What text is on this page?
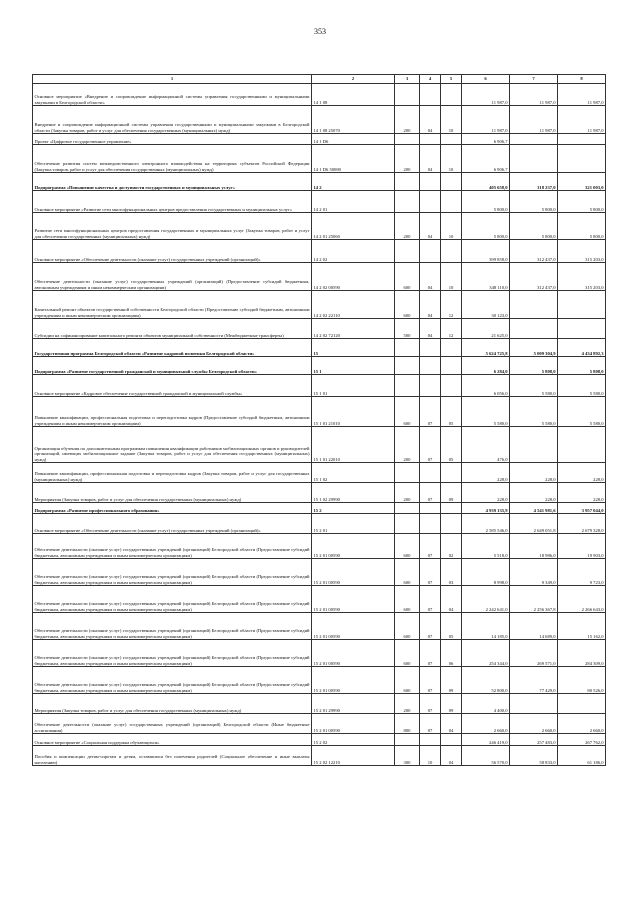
353
1	2	3	4	5	6	7	8
Основное мероприятие «Внедрение и сопровождение информационной системы управления государственными и муниципальными закупками в Белгородской области»	14 1 08				11 987,0	11 987,0	11 987,0
Внедрение и сопровождение информационной системы управления государственными и муниципальными закупками в Белгородской области (Закупка товаров, работ и услуг для обеспечения государственных (муниципальных) нужд)	14 1 08 25070	200	04	10	11 987,0	11 987,0	11 987,0
Проект «Цифровое государственное управление»	14 1 D6				6 906,7		
Обеспечение развития систем межведомственного электронного взаимодействия на территориях субъектов Российской Федерации (Закупка товаров, работ и услуг для обеспечения государственных (муниципальных) нужд)	14 1 D6 50080	200	04	10	6 906,7		
Подпрограмма «Повышение качества и доступности государственных и муниципальных услуг»	14 2				405 658,0	318 237,0	321 003,0
Основное мероприятие «Развитие сети многофункциональных центров предоставления государственных и муниципальных услуг»	14 2 01				5 800,0	5 800,0	5 800,0
Развитие сети многофункциональных центров предоставления государственных и муниципальных услуг (Закупка товаров, работ и услуг для обеспечения государственных (муниципальных) нужд)	14 2 01 25060	200	04	10	5 800,0	5 800,0	5 800,0
Основное мероприятие «Обеспечение деятельности (оказание услуг) государственных учреждений (организаций)»	14 2 02				399 858,0	312 437,0	315 203,0
Обеспечение деятельности (оказание услуг) государственных учреждений (организаций) (Предоставление субсидий бюджетным, автономным учреждениям и иным некоммерческим организациям)	14 2 02 00590	600	04	10	348 110,0	312 437,0	315 203,0
Капитальный ремонт объектов государственной собственности Белгородской области (Предоставление субсидий бюджетным, автономным учреждениям и иным некоммерческим организациям)	14 2 02 22110	600	04	12	30 123,0		
Субсидии на софинансирование капитального ремонта объектов муниципальной собственности (Межбюджетные трансферты)	14 2 02 72120	500	04	12	21 625,0		
Государственная программа Белгородской области «Развитие кадровой политики Белгородской области»	15				5 624 725,8	5 009 304,9	4 434 892,3
Подпрограмма «Развитие государственной гражданской и муниципальной службы Белгородской области»	15 1				6 284,0	5 808,0	5 808,0
Основное мероприятие «Кадровое обеспечение государственной гражданской и муниципальной службы»	15 1 01				6 056,0	5 580,0	5 580,0
Повышение квалификации, профессиональная подготовка и переподготовка кадров (Предоставление субсидий бюджетным, автономным учреждениям и иным некоммерческим организациям)	15 1 01 21010	600	07	05	5 580,0	5 580,0	5 580,0
Организация обучения по дополнительным программам повышения квалификации работников мобилизационных органов и руководителей организаций, имеющих мобилизационное задание (Закупка товаров, работ и услуг для обеспечения государственных (муниципальных) нужд)	15 1 01 22010	200	07	05	476,0		
Повышение квалификации, профессиональная подготовка и переподготовка кадров (Закупка товаров, работ и услуг для государственных (муниципальных) нужд)	15 1 02				228,0	228,0	228,0
Мероприятия (Закупка товаров, работ и услуг для обеспечения государственных (муниципальных) нужд)	15 1 02 29990	200	07	09	228,0	228,0	228,0
Подпрограмма «Развитие профессионального образования»	15 2				4 939 135,9	4 541 981,6	3 957 044,0
Основное мероприятие «Обеспечение деятельности (оказание услуг) государственных учреждений (организаций)»	15 2 01				2 585 546,0	2 649 051,8	2 679 328,0
Обеспечение деятельности (оказание услуг) государственных учреждений (организаций) Белгородской области (Предоставление субсидий бюджетным, автономным учреждениям и иным некоммерческим организациям)	15 2 01 00590	600	07	02	5 518,0	18 986,0	19 903,0
Обеспечение деятельности (оказание услуг) государственных учреждений (организаций) Белгородской области (Предоставление субсидий бюджетным, автономным учреждениям и иным некоммерческим организациям)	15 2 01 00590	600	07	03	8 998,0	9 349,0	9 723,0
Обеспечение деятельности (оказание услуг) государственных учреждений (организаций) Белгородской области (Предоставление субсидий бюджетным, автономным учреждениям и иным некоммерческим организациям)	15 2 01 00590	600	07	04	2 242 641,0	2 256 367,8	2 266 643,0
Обеспечение деятельности (оказание услуг) государственных учреждений (организаций) Белгородской области (Предоставление субсидий бюджетным, автономным учреждениям и иным некоммерческим организациям)	15 2 01 00590	600	07	05	14 185,0	14 689,0	15 162,0
Обеспечение деятельности (оказание услуг) государственных учреждений (организаций) Белгородской области (Предоставление субсидий бюджетным, автономным учреждениям и иным некоммерческим организациям)	15 2 01 00590	600	07	06	254 344,0	269 571,0	284 309,0
Обеспечение деятельности (оказание услуг) государственных учреждений (организаций) Белгородской области (Предоставление субсидий бюджетным, автономным учреждениям и иным некоммерческим организациям)	15 2 01 00590	600	07	09	52 800,0	77 429,0	80 526,0
Мероприятия (Закупка товаров, работ и услуг для обеспечения государственных (муниципальных) нужд)	15 2 01 29990	200	07	09	4 400,0		
Обеспечение деятельности (оказание услуг) государственных учреждений (организаций) Белгородской области (Иные бюджетные ассигнования)	15 2 01 00590	800	07	04	2 660,0	2 660,0	2 660,0
Основное мероприятие «Социальная поддержка обучающихся»	15 2 02				246 419,0	257 483,0	267 762,0
Пособия и компенсации детям-сиротам и детям, оставшимся без попечения родителей (Социальное обеспечение и иные выплаты населению)	15 2 02 12210	300	10	04	56 570,0	58 833,0	61 186,0
